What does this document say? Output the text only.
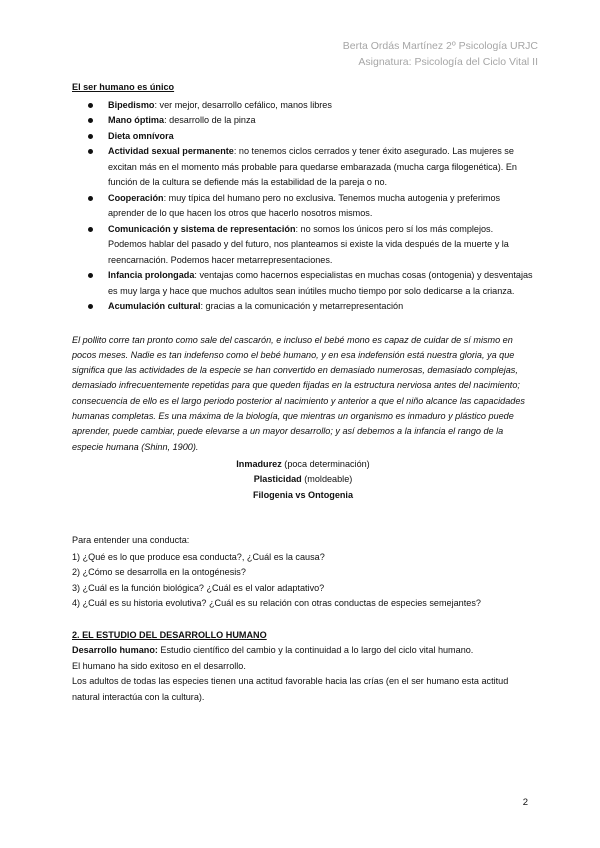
Berta Ordás Martínez 2º Psicología URJC
Asignatura: Psicología del Ciclo Vital II
El ser humano es único
Bipedismo: ver mejor, desarrollo cefálico, manos libres
Mano óptima: desarrollo de la pinza
Dieta omnívora
Actividad sexual permanente: no tenemos ciclos cerrados y tener éxito asegurado. Las mujeres se excitan más en el momento más probable para quedarse embarazada (mucha carga filogenética). En función de la cultura se defiende más la estabilidad de la pareja o no.
Cooperación: muy típica del humano pero no exclusiva. Tenemos mucha autogenia y preferimos aprender de lo que hacen los otros que hacerlo nosotros mismos.
Comunicación y sistema de representación: no somos los únicos pero sí los más complejos. Podemos hablar del pasado y del futuro, nos planteamos si existe la vida después de la muerte y la reencarnación. Podemos hacer metarrepresentaciones.
Infancia prolongada: ventajas como hacernos especialistas en muchas cosas (ontogenia) y desventajas es muy larga y hace que muchos adultos sean inútiles mucho tiempo por solo dedicarse a la crianza.
Acumulación cultural: gracias a la comunicación y metarrepresentación
El pollito corre tan pronto como sale del cascarón, e incluso el bebé mono es capaz de cuidar de sí mismo en pocos meses. Nadie es tan indefenso como el bebé humano, y en esa indefensión está nuestra gloria, ya que significa que las actividades de la especie se han convertido en demasiado numerosas, demasiado complejas, demasiado infrecuentemente repetidas para que queden fijadas en la estructura nerviosa antes del nacimiento; consecuencia de ello es el largo periodo posterior al nacimiento y anterior a que el niño alcance las capacidades humanas completas. Es una máxima de la biología, que mientras un organismo es inmaduro y plástico puede aprender, puede cambiar, puede elevarse a un mayor desarrollo; y así debemos a la infancia el rango de la especie humana (Shinn, 1900).
Inmadurez (poca determinación)
Plasticidad (moldeable)
Filogenia vs Ontogenia
Para entender una conducta:
1) ¿Qué es lo que produce esa conducta?, ¿Cuál es la causa?
2) ¿Cómo se desarrolla en la ontogénesis?
3) ¿Cuál es la función biológica? ¿Cuál es el valor adaptativo?
4) ¿Cuál es su historia evolutiva? ¿Cuál es su relación con otras conductas de especies semejantes?
2. EL ESTUDIO DEL DESARROLLO HUMANO
Desarrollo humano: Estudio científico del cambio y la continuidad a lo largo del ciclo vital humano.
El humano ha sido exitoso en el desarrollo.
Los adultos de todas las especies tienen una actitud favorable hacia las crías (en el ser humano esta actitud natural interactúa con la cultura).
2
